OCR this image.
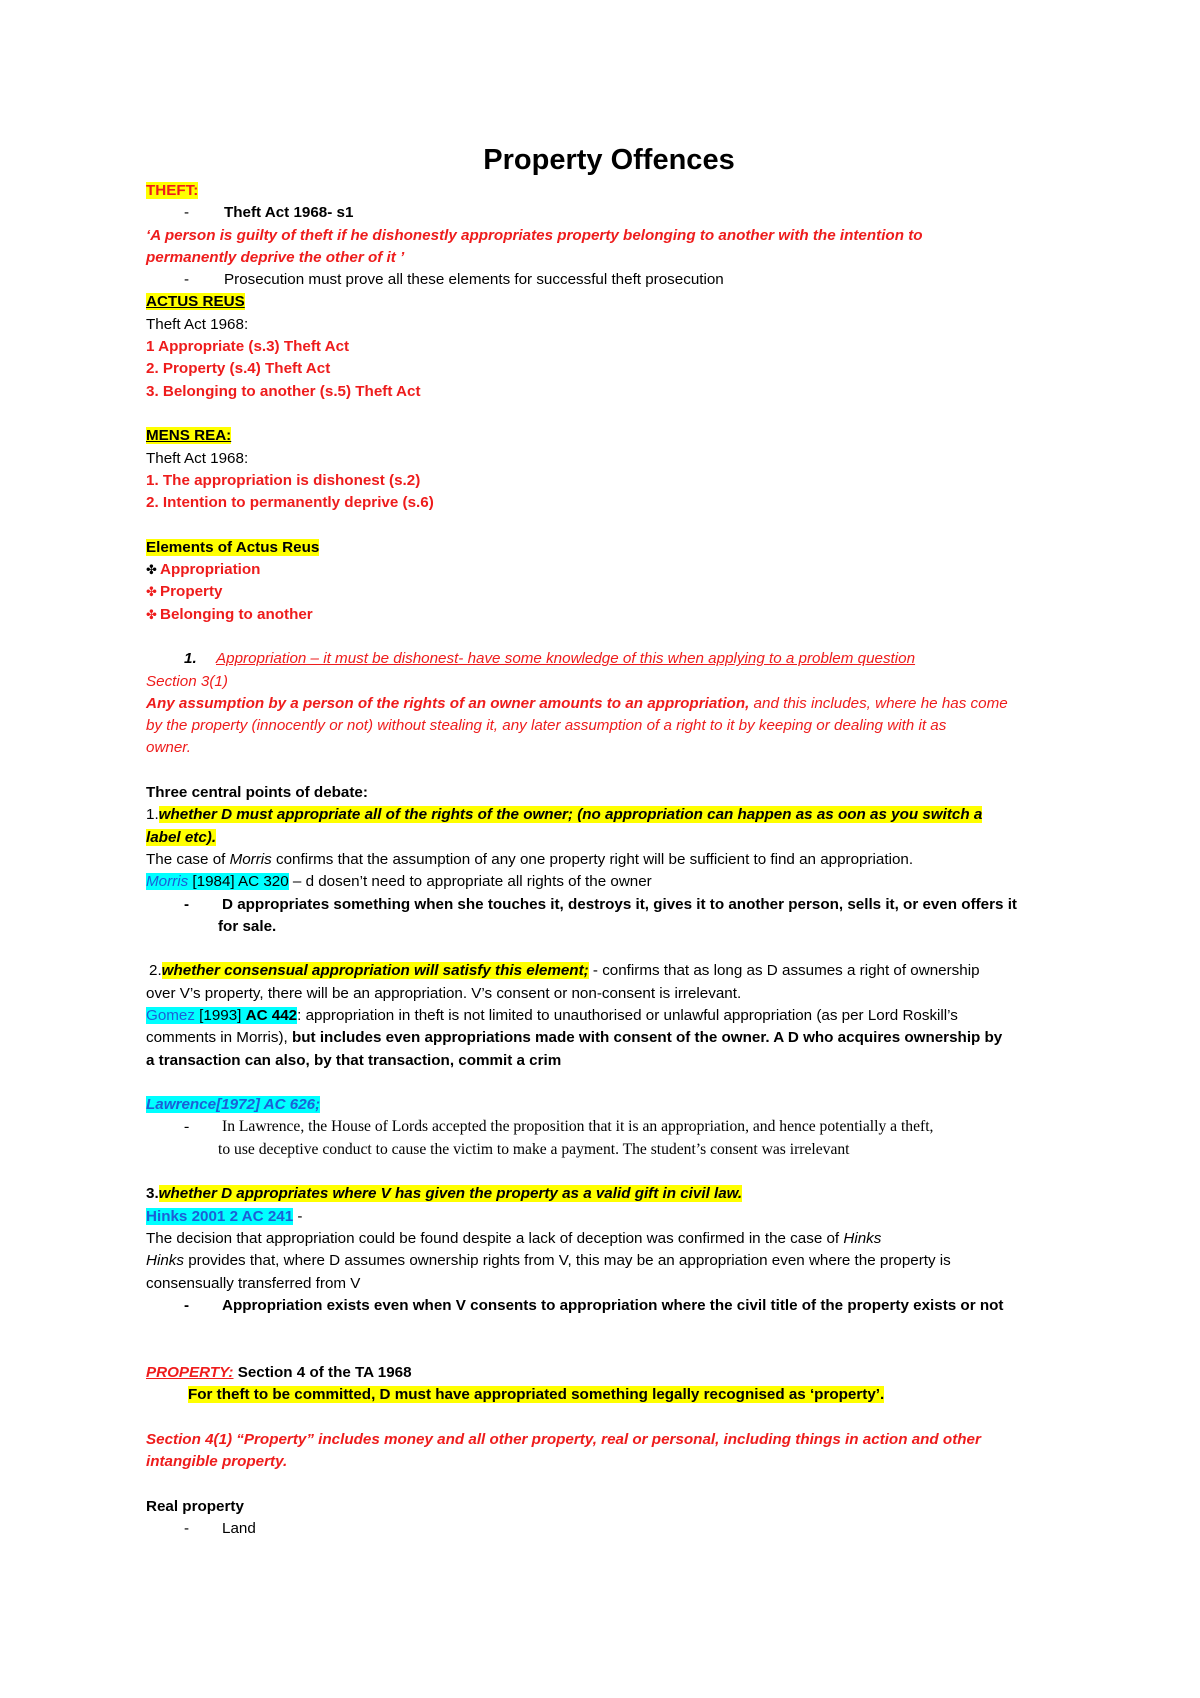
Property Offences
THEFT:
- Theft Act 1968- s1
‘A person is guilty of theft if he dishonestly appropriates property belonging to another with the intention to
permanently deprive the other of it ’
- Prosecution must prove all these elements for successful theft prosecution
ACTUS REUS
Theft Act 1968:
1 Appropriate (s.3) Theft Act
2. Property (s.4) Theft Act
3. Belonging to another (s.5) Theft Act
MENS REA:
Theft Act 1968:
1. The appropriation is dishonest (s.2)
2. Intention to permanently deprive (s.6)
Elements of Actus Reus
✤ Appropriation
✤ Property
✤ Belonging to another
1. Appropriation – it must be dishonest- have some knowledge of this when applying to a problem question
Section 3(1)
Any assumption by a person of the rights of an owner amounts to an appropriation, and this includes, where he has come
by the property (innocently or not) without stealing it, any later assumption of a right to it by keeping or dealing with it as
owner.
Three central points of debate:
1.whether D must appropriate all of the rights of the owner; (no appropriation can happen as as oon as you switch a
label etc).
The case of Morris confirms that the assumption of any one property right will be sufficient to find an appropriation.
Morris [1984] AC 320 – d dosen’t need to appropriate all rights of the owner
- D appropriates something when she touches it, destroys it, gives it to another person, sells it, or even offers it
for sale.
2.whether consensual appropriation will satisfy this element; - confirms that as long as D assumes a right of ownership
over V’s property, there will be an appropriation. V’s consent or non-consent is irrelevant.
Gomez [1993] AC 442: appropriation in theft is not limited to unauthorised or unlawful appropriation (as per Lord Roskill’s
comments in Morris), but includes even appropriations made with consent of the owner. A D who acquires ownership by
a transaction can also, by that transaction, commit a crim
Lawrence[1972] AC 626;
- In Lawrence, the House of Lords accepted the proposition that it is an appropriation, and hence potentially a theft,
to use deceptive conduct to cause the victim to make a payment. The student’s consent was irrelevant
3.whether D appropriates where V has given the property as a valid gift in civil law.
Hinks 2001 2 AC 241 -
The decision that appropriation could be found despite a lack of deception was confirmed in the case of Hinks
Hinks provides that, where D assumes ownership rights from V, this may be an appropriation even where the property is
consensually transferred from V
- Appropriation exists even when V consents to appropriation where the civil title of the property exists or not
PROPERTY: Section 4 of the TA 1968
For theft to be committed, D must have appropriated something legally recognised as ‘property’.
Section 4(1) “Property” includes money and all other property, real or personal, including things in action and other
intangible property.
Real property
- Land
